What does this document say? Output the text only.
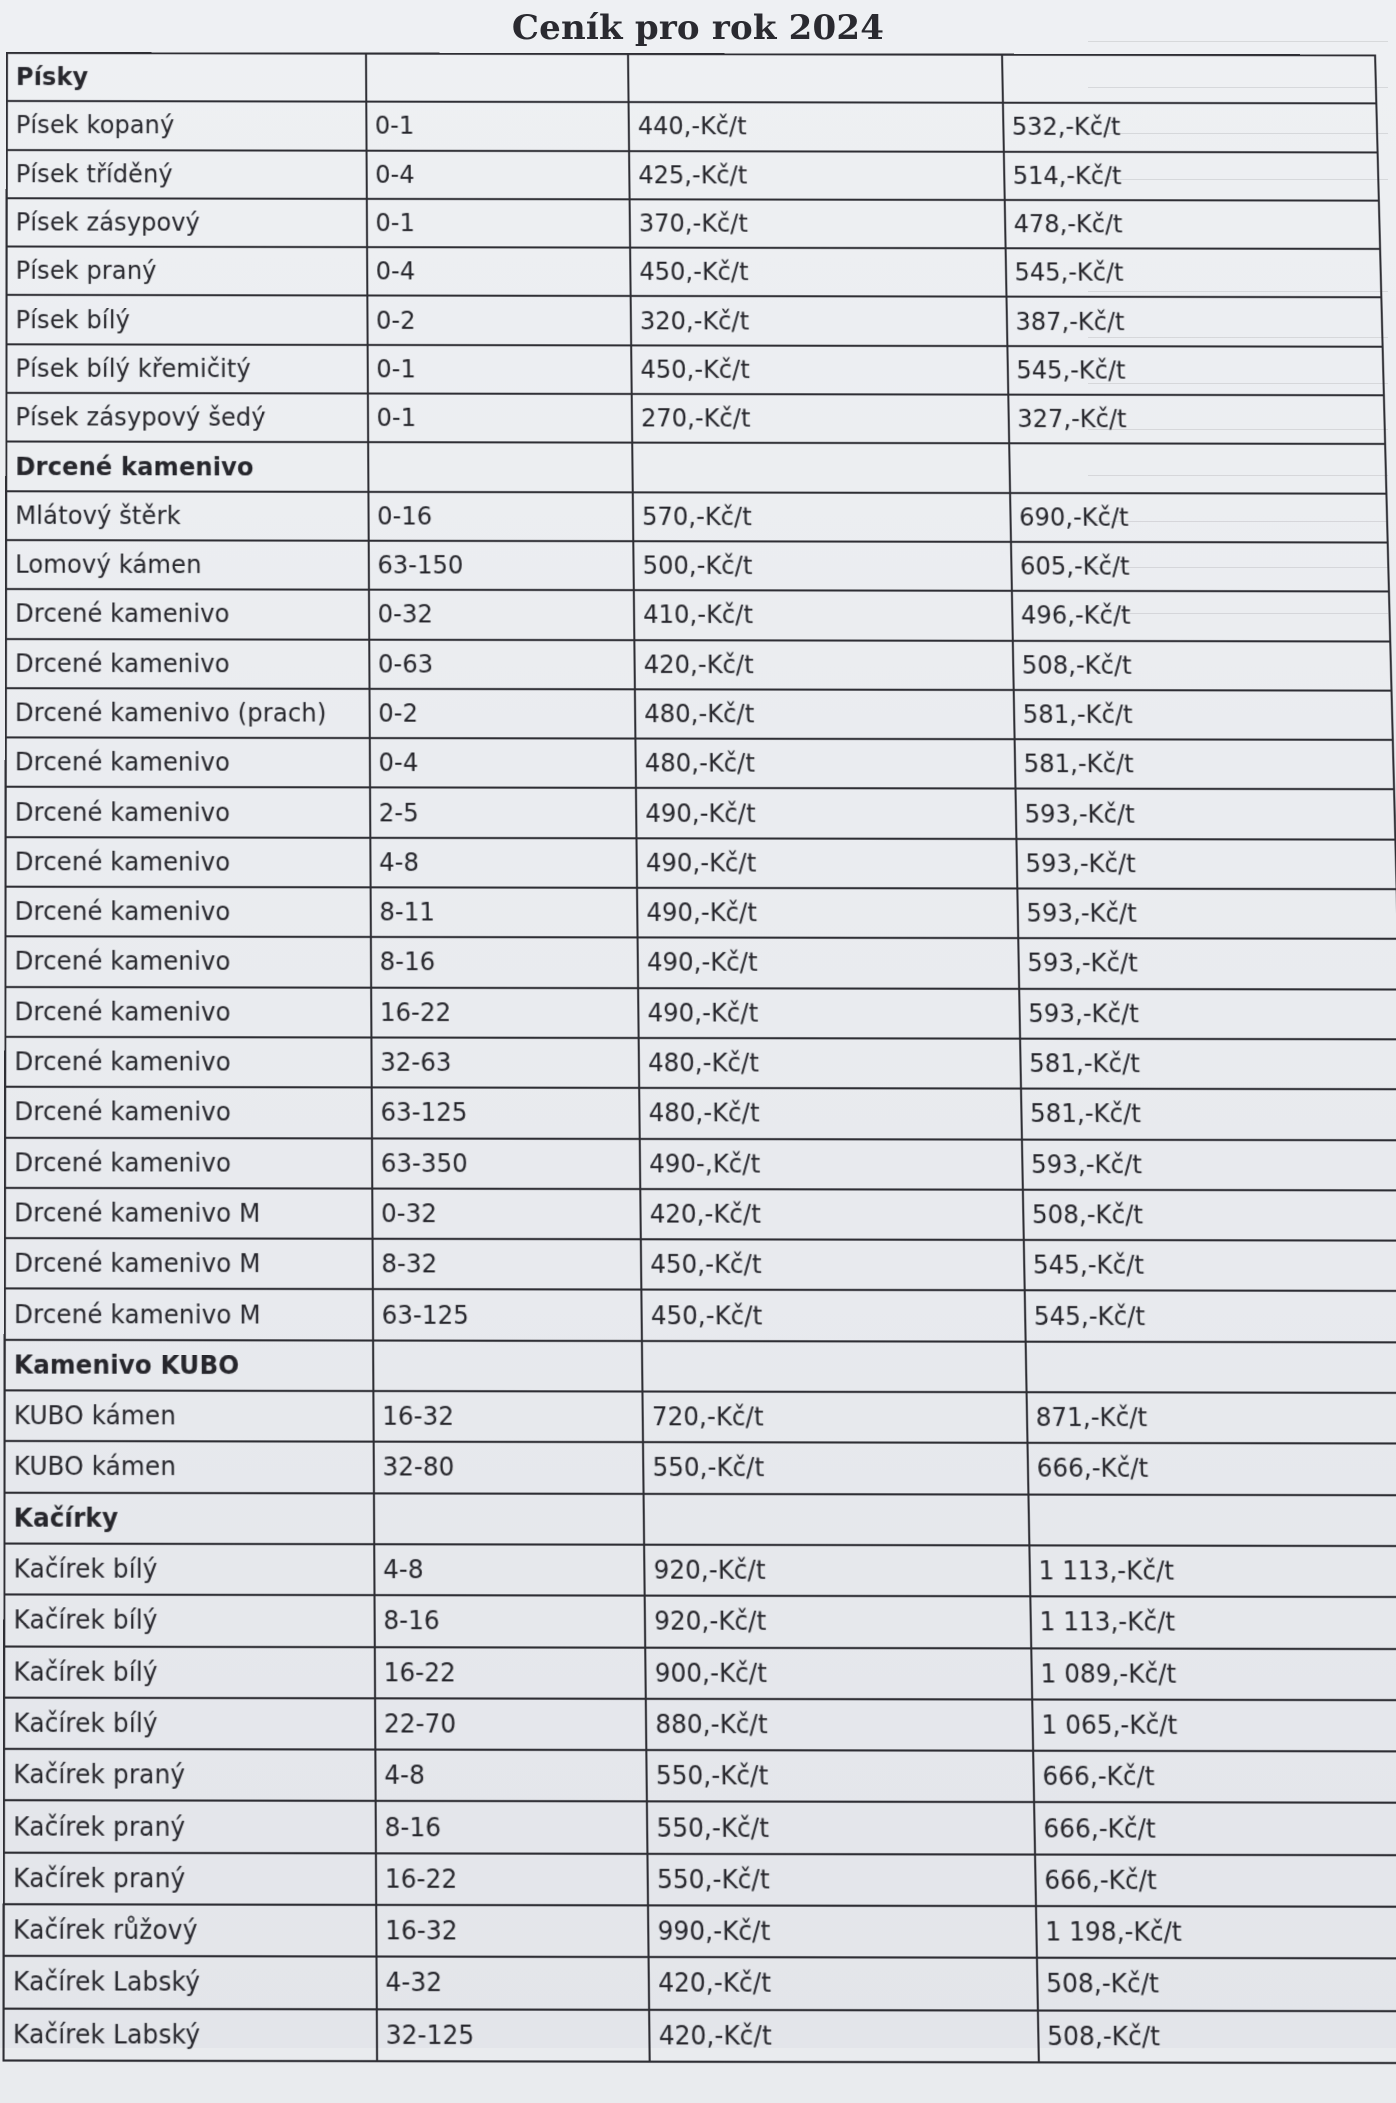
Ceník pro rok 2024
Písky			
Písek kopaný	0-1	440,-Kč/t	532,-Kč/t
Písek tříděný	0-4	425,-Kč/t	514,-Kč/t
Písek zásypový	0-1	370,-Kč/t	478,-Kč/t
Písek praný	0-4	450,-Kč/t	545,-Kč/t
Písek bílý	0-2	320,-Kč/t	387,-Kč/t
Písek bílý křemičitý	0-1	450,-Kč/t	545,-Kč/t
Písek zásypový šedý	0-1	270,-Kč/t	327,-Kč/t
Drcené kamenivo			
Mlátový štěrk	0-16	570,-Kč/t	690,-Kč/t
Lomový kámen	63-150	500,-Kč/t	605,-Kč/t
Drcené kamenivo	0-32	410,-Kč/t	496,-Kč/t
Drcené kamenivo	0-63	420,-Kč/t	508,-Kč/t
Drcené kamenivo (prach)	0-2	480,-Kč/t	581,-Kč/t
Drcené kamenivo	0-4	480,-Kč/t	581,-Kč/t
Drcené kamenivo	2-5	490,-Kč/t	593,-Kč/t
Drcené kamenivo	4-8	490,-Kč/t	593,-Kč/t
Drcené kamenivo	8-11	490,-Kč/t	593,-Kč/t
Drcené kamenivo	8-16	490,-Kč/t	593,-Kč/t
Drcené kamenivo	16-22	490,-Kč/t	593,-Kč/t
Drcené kamenivo	32-63	480,-Kč/t	581,-Kč/t
Drcené kamenivo	63-125	480,-Kč/t	581,-Kč/t
Drcené kamenivo	63-350	490-,Kč/t	593,-Kč/t
Drcené kamenivo M	0-32	420,-Kč/t	508,-Kč/t
Drcené kamenivo M	8-32	450,-Kč/t	545,-Kč/t
Drcené kamenivo M	63-125	450,-Kč/t	545,-Kč/t
Kamenivo KUBO			
KUBO kámen	16-32	720,-Kč/t	871,-Kč/t
KUBO kámen	32-80	550,-Kč/t	666,-Kč/t
Kačírky			
Kačírek bílý	4-8	920,-Kč/t	1 113,-Kč/t
Kačírek bílý	8-16	920,-Kč/t	1 113,-Kč/t
Kačírek bílý	16-22	900,-Kč/t	1 089,-Kč/t
Kačírek bílý	22-70	880,-Kč/t	1 065,-Kč/t
Kačírek praný	4-8	550,-Kč/t	666,-Kč/t
Kačírek praný	8-16	550,-Kč/t	666,-Kč/t
Kačírek praný	16-22	550,-Kč/t	666,-Kč/t
Kačírek růžový	16-32	990,-Kč/t	1 198,-Kč/t
Kačírek Labský	4-32	420,-Kč/t	508,-Kč/t
Kačírek Labský	32-125	420,-Kč/t	508,-Kč/t
